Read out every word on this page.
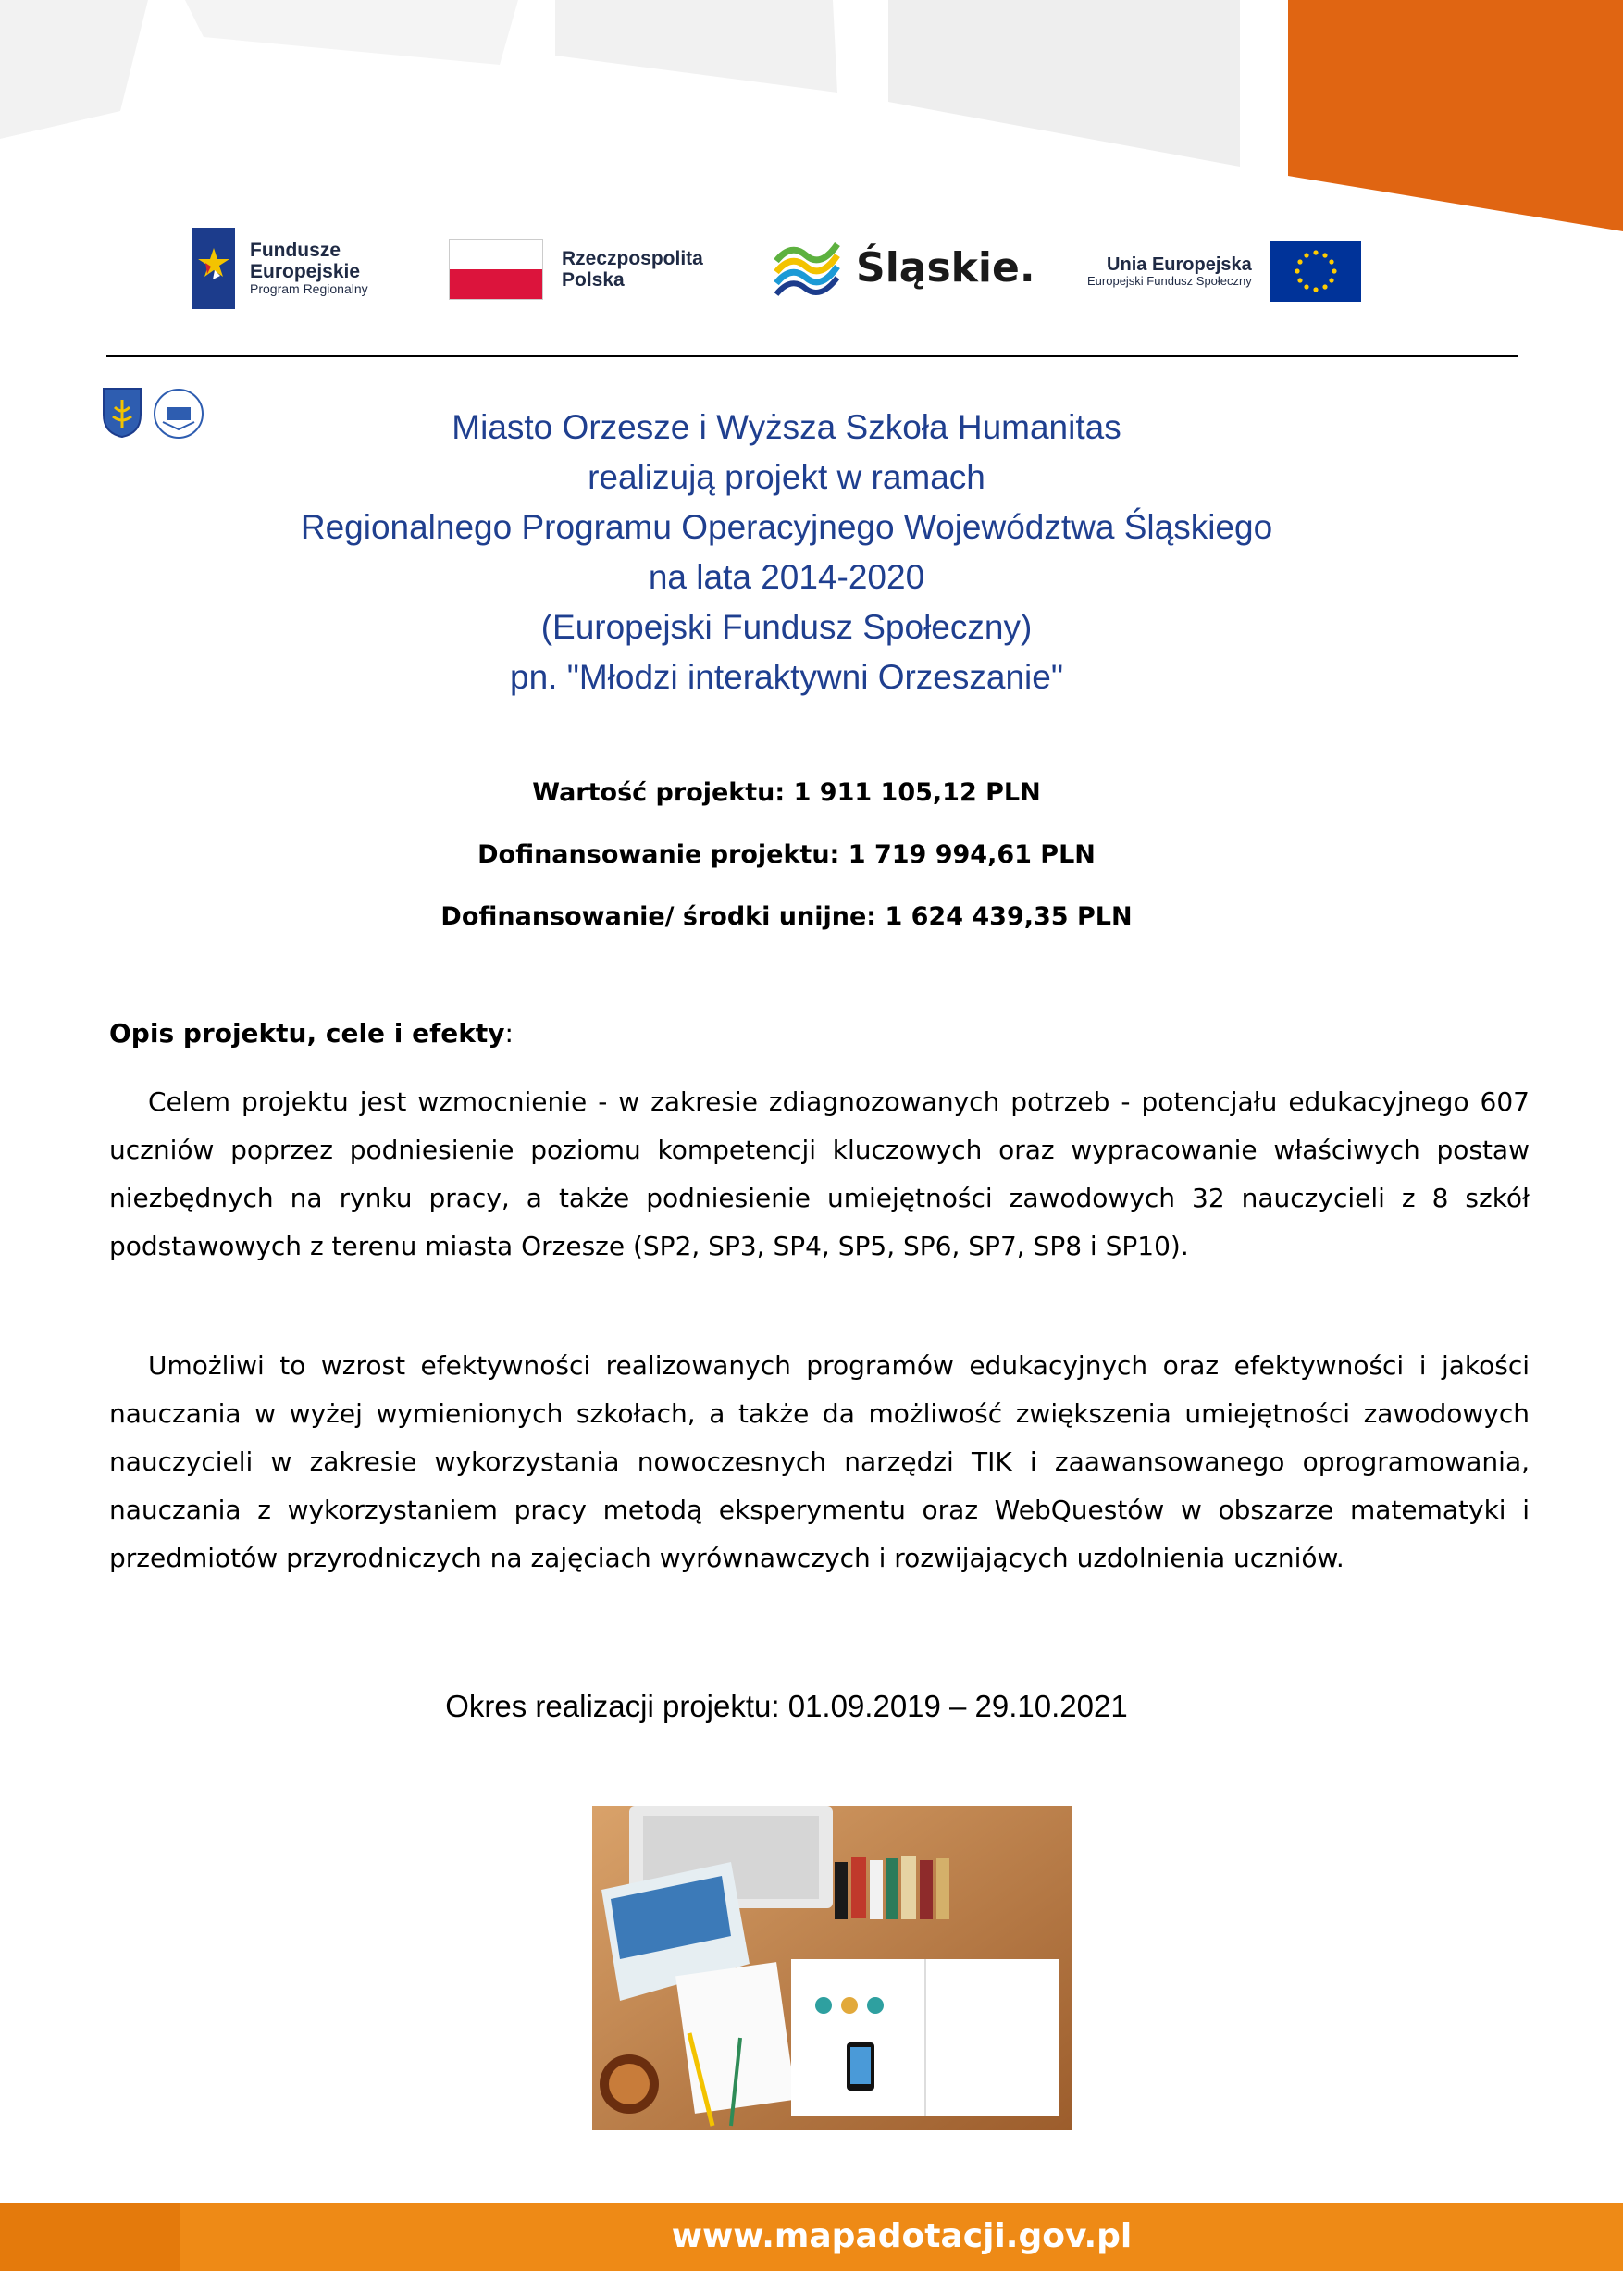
Fundusze
Europejskie
Program Regionalny
Rzeczpospolita
Polska	Śląskie.	Unia Europejska
Europejski Fundusz Społeczny
Miasto Orzesze i Wyższa Szkoła Humanitas
realizują projekt w ramach
Regionalnego Programu Operacyjnego Województwa Śląskiego
na lata 2014-2020
(Europejski Fundusz Społeczny)
pn. "Młodzi interaktywni Orzeszanie"
Wartość projektu: 1 911 105,12 PLN
Dofinansowanie projektu: 1 719 994,61 PLN
Dofinansowanie/ środki unijne: 1 624 439,35 PLN
Opis projektu, cele i efekty:
Celem projektu jest wzmocnienie - w zakresie zdiagnozowanych potrzeb - potencjału edukacyjnego 607 uczniów poprzez podniesienie poziomu kompetencji kluczowych oraz wypracowanie właściwych postaw niezbędnych na rynku pracy, a także podniesienie umiejętności zawodowych 32 nauczycieli z 8 szkół podstawowych z terenu miasta Orzesze (SP2, SP3, SP4, SP5, SP6, SP7, SP8 i SP10).
Umożliwi to wzrost efektywności realizowanych programów edukacyjnych oraz efektywności i jakości nauczania w wyżej wymienionych szkołach, a także da możliwość zwiększenia umiejętności zawodowych nauczycieli w zakresie wykorzystania nowoczesnych narzędzi TIK i zaawansowanego oprogramowania, nauczania z wykorzystaniem pracy metodą eksperymentu oraz WebQuestów w obszarze matematyki i przedmiotów przyrodniczych na zajęciach wyrównawczych i rozwijających uzdolnienia uczniów.
Okres realizacji projektu: 01.09.2019 – 29.10.2021
www.mapadotacji.gov.pl
